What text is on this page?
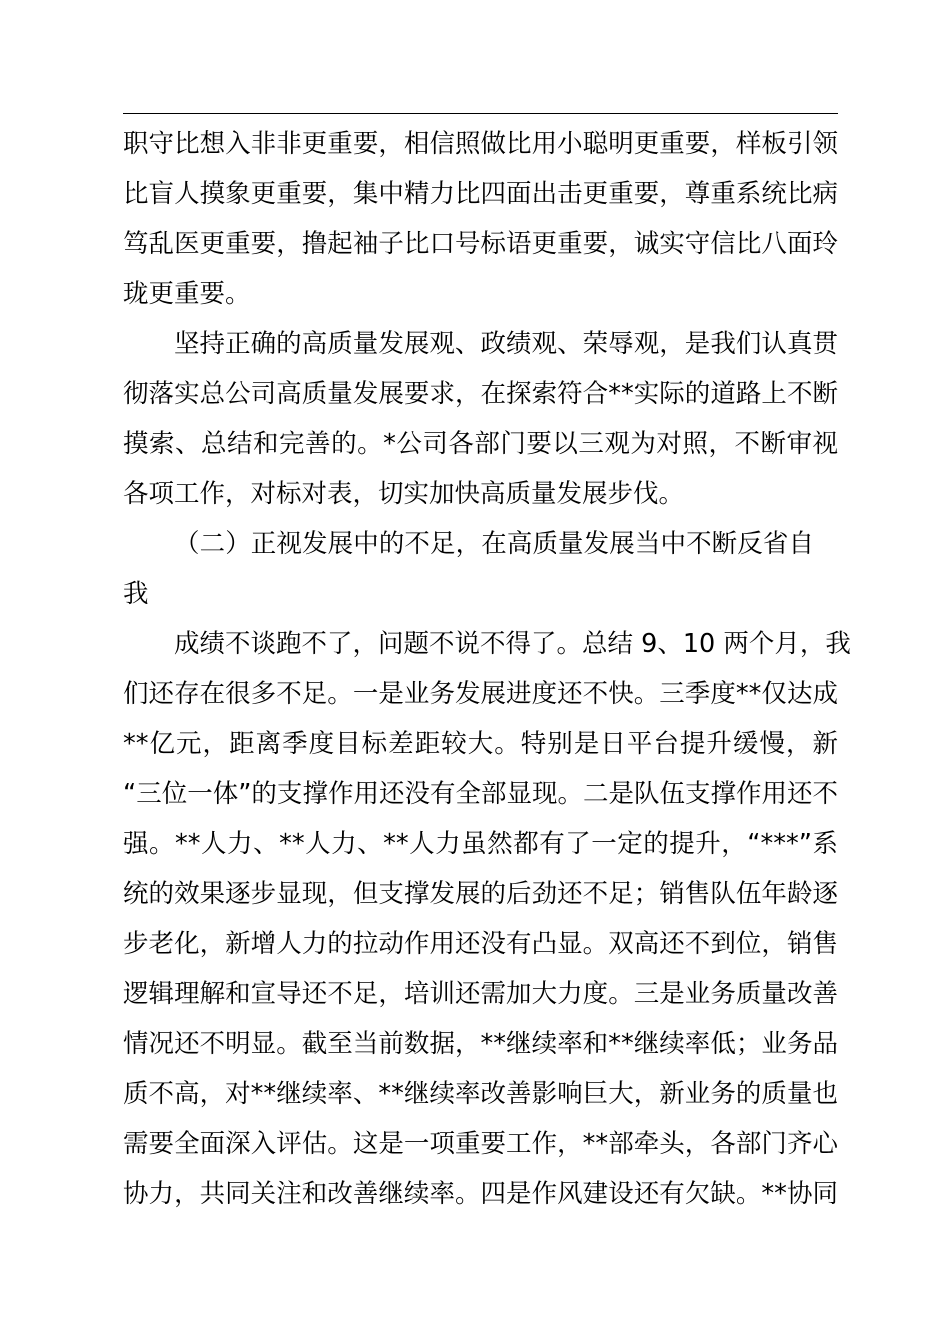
职守比想入非非更重要，相信照做比用小聪明更重要，样板引领
比盲人摸象更重要，集中精力比四面出击更重要，尊重系统比病
笃乱医更重要，撸起袖子比口号标语更重要，诚实守信比八面玲
珑更重要。
坚持正确的高质量发展观、政绩观、荣辱观，是我们认真贯
彻落实总公司高质量发展要求，在探索符合**实际的道路上不断
摸索、总结和完善的。*公司各部门要以三观为对照，不断审视
各项工作，对标对表，切实加快高质量发展步伐。
（二）正视发展中的不足，在高质量发展当中不断反省自
我
成绩不谈跑不了，问题不说不得了。总结 9、10 两个月，我
们还存在很多不足。一是业务发展进度还不快。三季度**仅达成
**亿元，距离季度目标差距较大。特别是日平台提升缓慢，新
“三位一体”的支撑作用还没有全部显现。二是队伍支撑作用还不
强。**人力、**人力、**人力虽然都有了一定的提升，“***”系
统的效果逐步显现，但支撑发展的后劲还不足；销售队伍年龄逐
步老化，新增人力的拉动作用还没有凸显。双高还不到位，销售
逻辑理解和宣导还不足，培训还需加大力度。三是业务质量改善
情况还不明显。截至当前数据，**继续率和**继续率低；业务品
质不高，对**继续率、**继续率改善影响巨大，新业务的质量也
需要全面深入评估。这是一项重要工作，**部牵头，各部门齐心
协力，共同关注和改善继续率。四是作风建设还有欠缺。**协同
